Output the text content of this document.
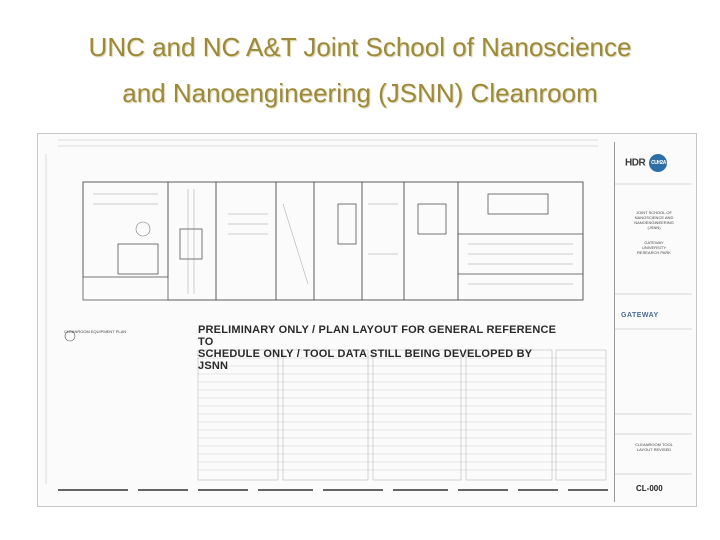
UNC and NC A&T Joint School of Nanoscience
and Nanoengineering (JSNN) Cleanroom
CLEANROOM EQUIPMENT PLAN	PRELIMINARY ONLY / PLAN LAYOUT FOR GENERAL REFERENCE TO
SCHEDULE ONLY / TOOL DATA STILL BEING DEVELOPED BY JSNN
HDR CUH2A
JOINT SCHOOL OF
NANOSCIENCE AND
NANOENGINEERING
(JSNN)
GATEWAY
UNIVERSITY
RESEARCH PARK
GATEWAY
CLEANROOM TOOL
LAYOUT REVISED
CL-000
